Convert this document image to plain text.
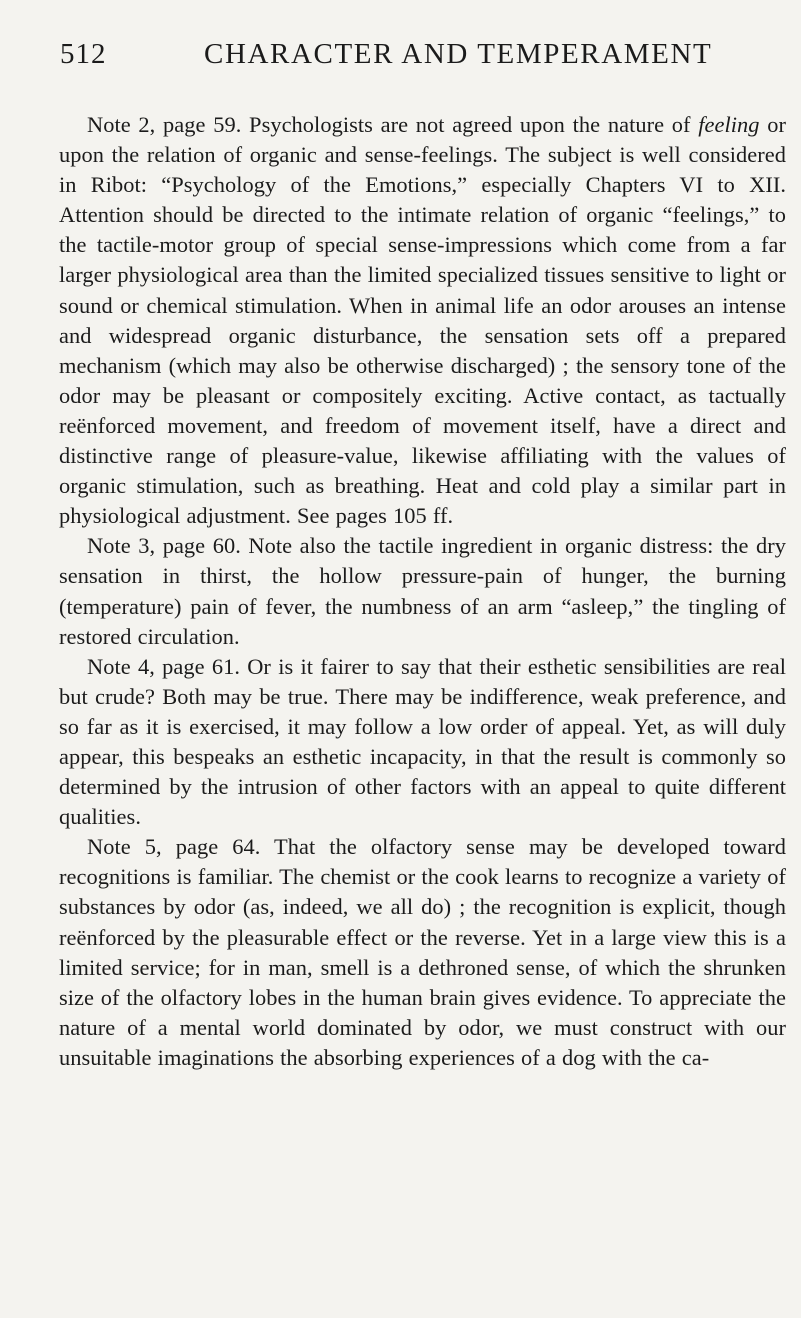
512	CHARACTER AND TEMPERAMENT

Note 2, page 59. Psychologists are not agreed upon the nature of feeling or upon the relation of organic and sense-feelings. The subject is well considered in Ribot: “Psychology of the Emotions,” especially Chapters VI to XII. Attention should be directed to the intimate relation of organic “feelings,” to the tactile-motor group of special sense-impressions which come from a far larger physiological area than the limited specialized tissues sensitive to light or sound or chemical stimulation. When in animal life an odor arouses an intense and widespread organic disturbance, the sensation sets off a prepared mechanism (which may also be otherwise discharged) ; the sensory tone of the odor may be pleasant or compositely exciting. Active contact, as tactually reënforced movement, and freedom of movement itself, have a direct and distinctive range of pleasure-value, likewise affiliating with the values of organic stimulation, such as breathing. Heat and cold play a similar part in physiological adjustment. See pages 105 ff.

Note 3, page 60. Note also the tactile ingredient in organic distress: the dry sensation in thirst, the hollow pressure-pain of hunger, the burning (temperature) pain of fever, the numbness of an arm “asleep,” the tingling of restored circulation.

Note 4, page 61. Or is it fairer to say that their esthetic sensibilities are real but crude? Both may be true. There may be indifference, weak preference, and so far as it is exercised, it may follow a low order of appeal. Yet, as will duly appear, this bespeaks an esthetic incapacity, in that the result is commonly so determined by the intrusion of other factors with an appeal to quite different qualities.

Note 5, page 64. That the olfactory sense may be developed toward recognitions is familiar. The chemist or the cook learns to recognize a variety of substances by odor (as, indeed, we all do) ; the recognition is explicit, though reënforced by the pleasurable effect or the reverse. Yet in a large view this is a limited service; for in man, smell is a dethroned sense, of which the shrunken size of the olfactory lobes in the human brain gives evidence. To appreciate the nature of a mental world dominated by odor, we must construct with our unsuitable imaginations the absorbing experiences of a dog with the ca-
